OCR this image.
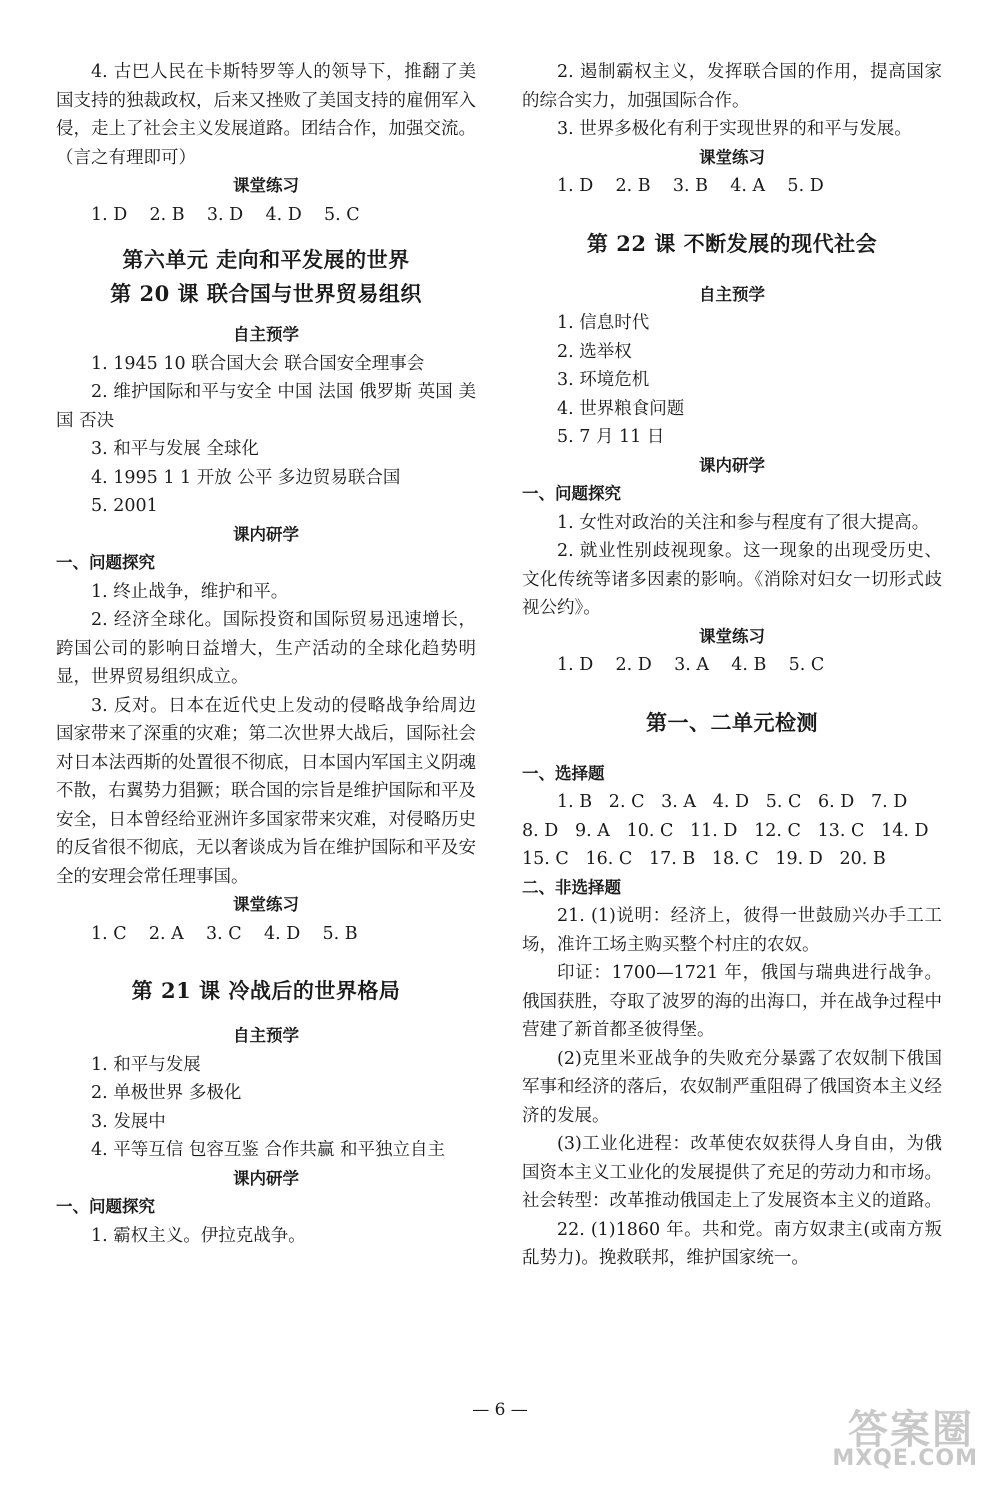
4. 古巴人民在卡斯特罗等人的领导下，推翻了美国支持的独裁政权，后来又挫败了美国支持的雇佣军入侵，走上了社会主义发展道路。团结合作，加强交流。（言之有理即可）

课堂练习

1. D    2. B    3. D    4. D    5. C

第六单元 走向和平发展的世界

第 20 课 联合国与世界贸易组织

自主预学

1. 1945 10 联合国大会 联合国安全理事会

2. 维护国际和平与安全 中国 法国 俄罗斯 英国 美国 否决

3. 和平与发展 全球化

4. 1995 1 1 开放 公平 多边贸易联合国

5. 2001

课内研学

一、问题探究

1. 终止战争，维护和平。

2. 经济全球化。国际投资和国际贸易迅速增长，跨国公司的影响日益增大，生产活动的全球化趋势明显，世界贸易组织成立。

3. 反对。日本在近代史上发动的侵略战争给周边国家带来了深重的灾难；第二次世界大战后，国际社会对日本法西斯的处置很不彻底，日本国内军国主义阴魂不散，右翼势力猖獗；联合国的宗旨是维护国际和平及安全，日本曾经给亚洲许多国家带来灾难，对侵略历史的反省很不彻底，无以奢谈成为旨在维护国际和平及安全的安理会常任理事国。

课堂练习

1. C    2. A    3. C    4. D    5. B

第 21 课 冷战后的世界格局

自主预学

1. 和平与发展

2. 单极世界 多极化

3. 发展中

4. 平等互信 包容互鉴 合作共赢 和平独立自主

课内研学

一、问题探究

1. 霸权主义。伊拉克战争。

2. 遏制霸权主义，发挥联合国的作用，提高国家的综合实力，加强国际合作。

3. 世界多极化有利于实现世界的和平与发展。

课堂练习

1. D    2. B    3. B    4. A    5. D

第 22 课 不断发展的现代社会

自主预学

1. 信息时代

2. 选举权

3. 环境危机

4. 世界粮食问题

5. 7 月 11 日

课内研学

一、问题探究

1. 女性对政治的关注和参与程度有了很大提高。

2. 就业性别歧视现象。这一现象的出现受历史、文化传统等诸多因素的影响。《消除对妇女一切形式歧视公约》。

课堂练习

1. D    2. D    3. A    4. B    5. C

第一、二单元检测

一、选择题

1. B   2. C   3. A   4. D   5. C   6. D   7. D

8. D   9. A   10. C   11. D   12. C   13. C   14. D

15. C   16. C   17. B   18. C   19. D   20. B

二、非选择题

21. (1)说明：经济上，彼得一世鼓励兴办手工工场，准许工场主购买整个村庄的农奴。

印证：1700—1721 年，俄国与瑞典进行战争。俄国获胜，夺取了波罗的海的出海口，并在战争过程中营建了新首都圣彼得堡。

(2)克里米亚战争的失败充分暴露了农奴制下俄国军事和经济的落后，农奴制严重阻碍了俄国资本主义经济的发展。

(3)工业化进程：改革使农奴获得人身自由，为俄国资本主义工业化的发展提供了充足的劳动力和市场。社会转型：改革推动俄国走上了发展资本主义的道路。

22. (1)1860 年。共和党。南方奴隶主(或南方叛乱势力)。挽救联邦，维护国家统一。

— 6 —	答案圈
MXQE.COM
